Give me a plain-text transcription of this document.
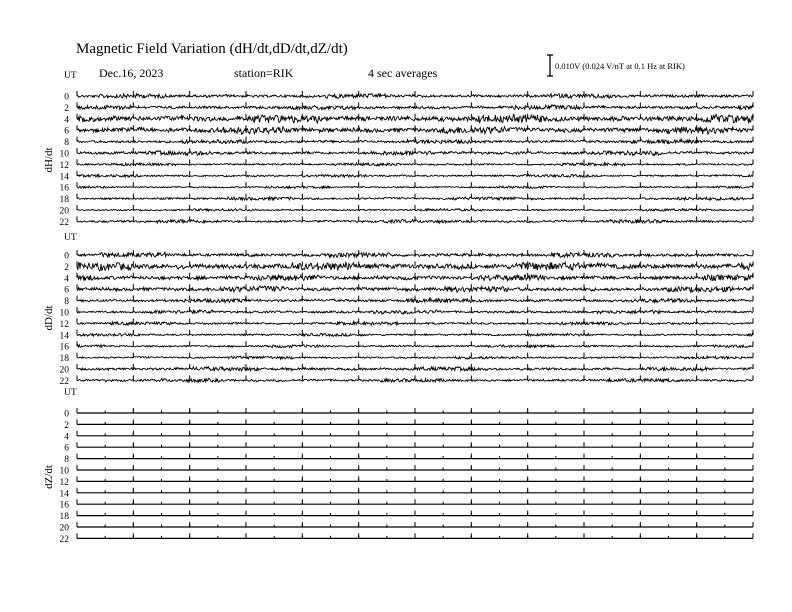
Magnetic Field Variation (dH/dt,dD/dt,dZ/dt)
Dec.16, 2023	station=RIK	4 sec averages	0.010V (0.024 V/nT at 0.1 Hz at RIK)
UT
dH/dt
0
2
4
6
8
10
12
14
16
18
20
22
UT
dD/dt
0
2
4
6
8
10
12
14
16
18
20
22
UT
dZ/dt
0
2
4
6
8
10
12
14
16
18
20
22
